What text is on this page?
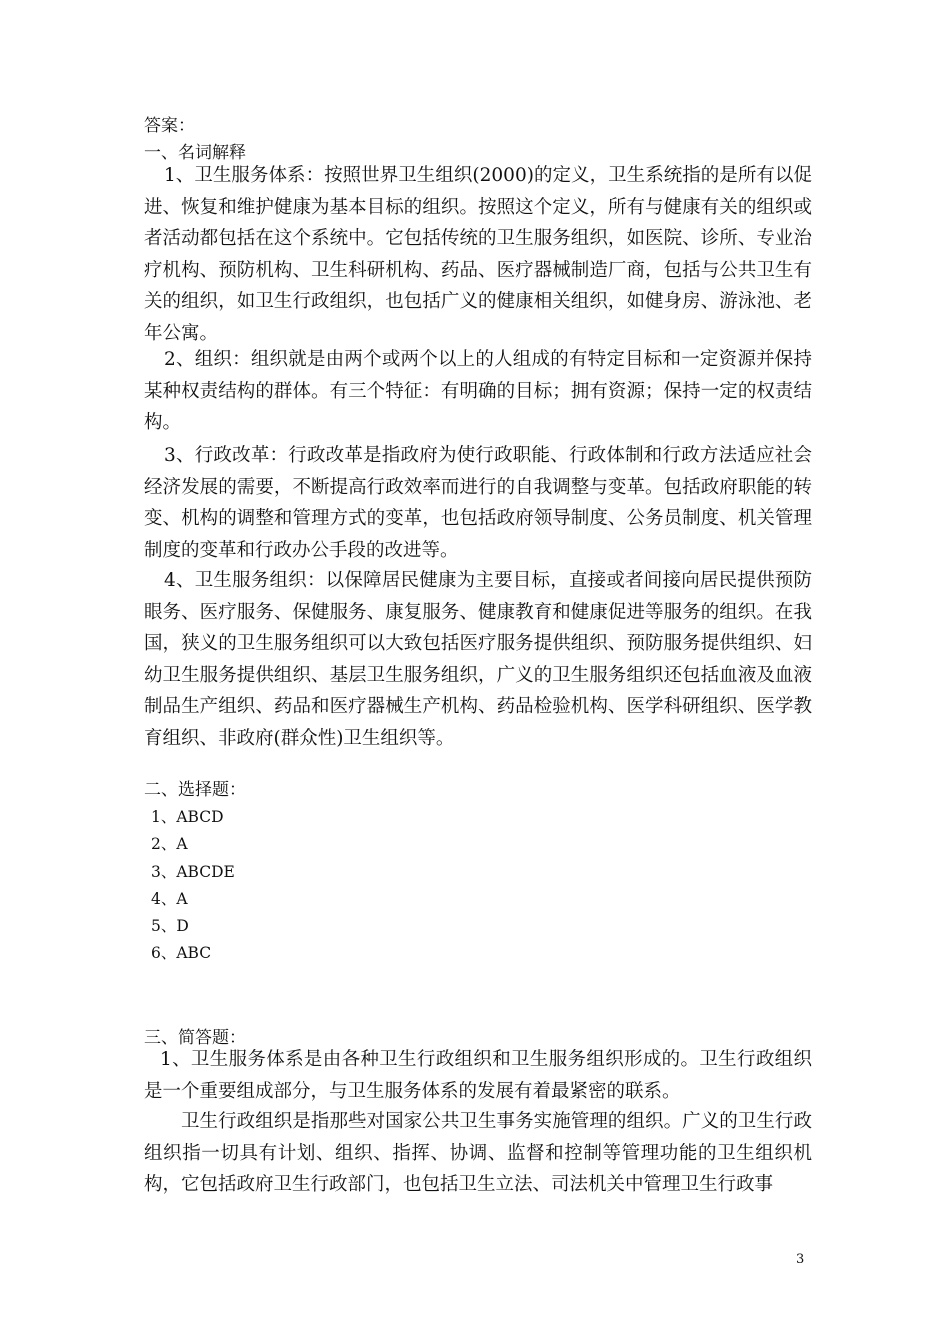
答案：
一、名词解释

1、卫生服务体系：按照世界卫生组织(2000)的定义，卫生系统指的是所有以促进、恢复和维护健康为基本目标的组织。按照这个定义，所有与健康有关的组织或者活动都包括在这个系统中。它包括传统的卫生服务组织，如医院、诊所、专业治疗机构、预防机构、卫生科研机构、药品、医疗器械制造厂商，包括与公共卫生有关的组织，如卫生行政组织，也包括广义的健康相关组织，如健身房、游泳池、老年公寓。

2、组织：组织就是由两个或两个以上的人组成的有特定目标和一定资源并保持某种权责结构的群体。有三个特征：有明确的目标；拥有资源；保持一定的权责结构。

3、行政改革：行政改革是指政府为使行政职能、行政体制和行政方法适应社会经济发展的需要，不断提高行政效率而进行的自我调整与变革。包括政府职能的转变、机构的调整和管理方式的变革，也包括政府领导制度、公务员制度、机关管理制度的变革和行政办公手段的改进等。

4、卫生服务组织：以保障居民健康为主要目标，直接或者间接向居民提供预防眼务、医疗服务、保健服务、康复服务、健康教育和健康促进等服务的组织。在我国，狭义的卫生服务组织可以大致包括医疗服务提供组织、预防服务提供组织、妇幼卫生服务提供组织、基层卫生服务组织，广义的卫生服务组织还包括血液及血液制品生产组织、药品和医疗器械生产机构、药品检验机构、医学科研组织、医学教育组织、非政府(群众性)卫生组织等。

二、选择题：
1、ABCD
2、A
3、ABCDE
4、A
5、D
6、ABC
三、简答题：

1、卫生服务体系是由各种卫生行政组织和卫生服务组织形成的。卫生行政组织是一个重要组成部分，与卫生服务体系的发展有着最紧密的联系。

卫生行政组织是指那些对国家公共卫生事务实施管理的组织。广义的卫生行政组织指一切具有计划、组织、指挥、协调、监督和控制等管理功能的卫生组织机构，它包括政府卫生行政部门，也包括卫生立法、司法机关中管理卫生行政事

3
